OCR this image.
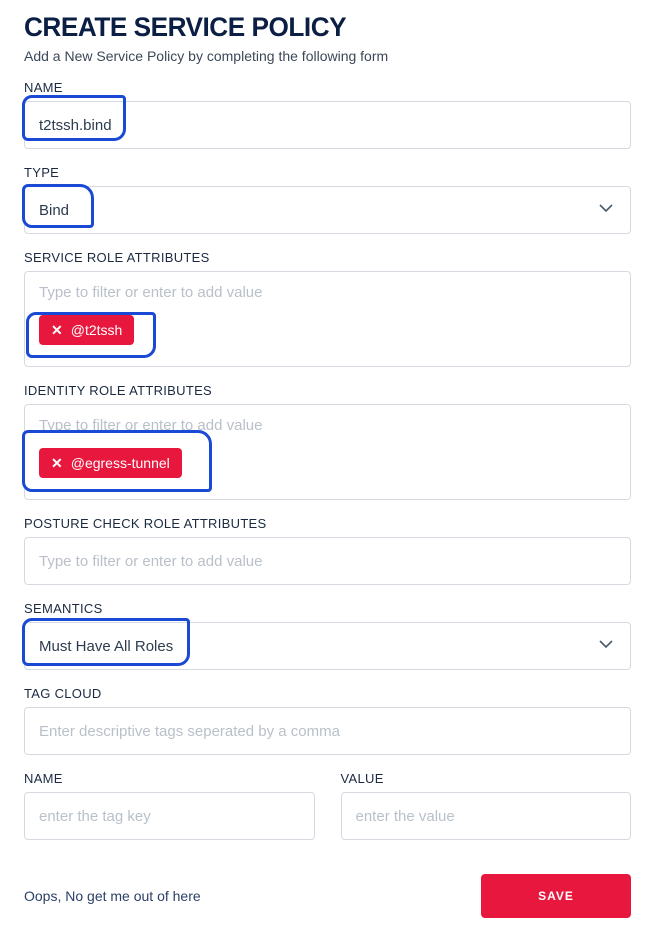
CREATE SERVICE POLICY
Add a New Service Policy by completing the following form
NAME
t2tssh.bind
TYPE
Bind
SERVICE ROLE ATTRIBUTES
Type to filter or enter to add value
✕ @t2tssh
IDENTITY ROLE ATTRIBUTES
Type to filter or enter to add value
✕ @egress-tunnel
POSTURE CHECK ROLE ATTRIBUTES
Type to filter or enter to add value
SEMANTICS
Must Have All Roles
TAG CLOUD
Enter descriptive tags seperated by a comma
NAME
enter the tag key
VALUE
enter the value
Oops, No get me out of here	SAVE
